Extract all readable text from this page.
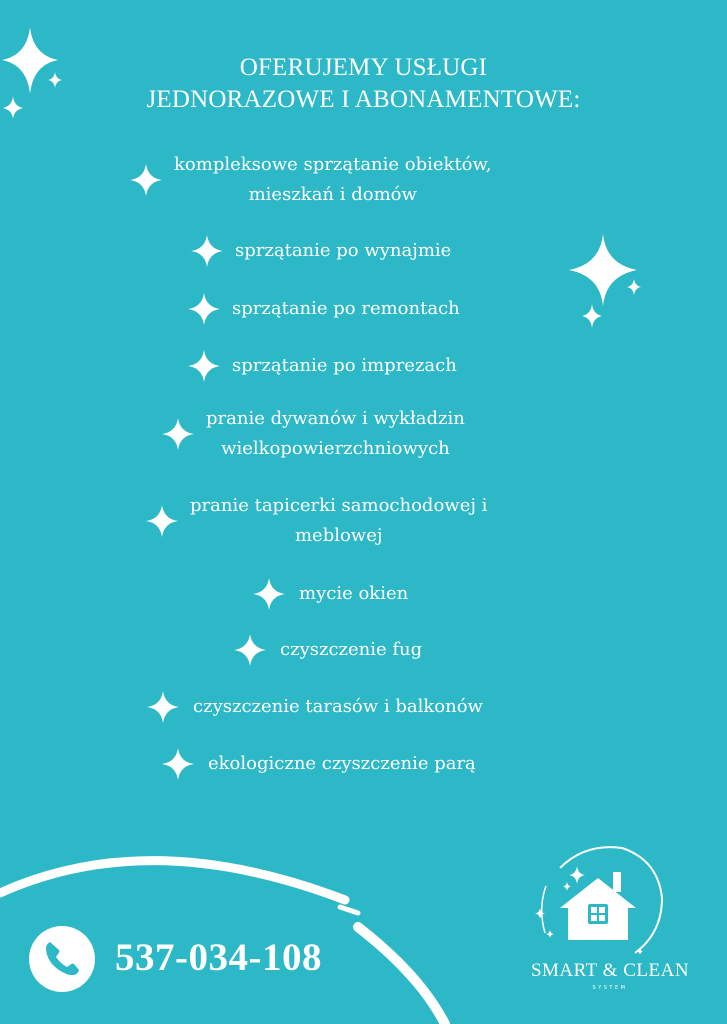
OFERUJEMY USŁUGI
JEDNORAZOWE I ABONAMENTOWE:
kompleksowe sprzątanie obiektów,
mieszkań i domów
sprzątanie po wynajmie
sprzątanie po remontach
sprzątanie po imprezach
pranie dywanów i wykładzin
wielkopowierzchniowych
pranie tapicerki samochodowej i
meblowej
mycie okien
czyszczenie fug
czyszczenie tarasów i balkonów
ekologiczne czyszczenie parą
537-034-108	SMART & CLEAN
SYSTEM
